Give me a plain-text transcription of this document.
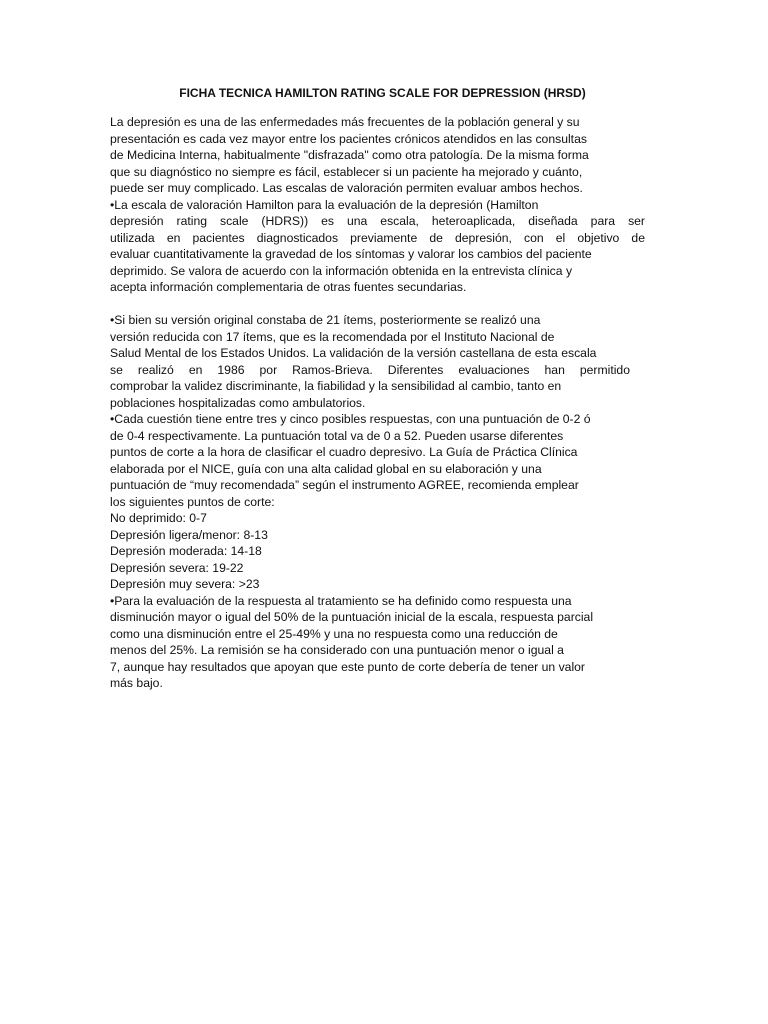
FICHA TECNICA HAMILTON RATING SCALE FOR DEPRESSION (HRSD)
La depresión es una de las enfermedades más frecuentes de la población general y su
presentación es cada vez mayor entre los pacientes crónicos atendidos en las consultas
de Medicina Interna, habitualmente "disfrazada" como otra patología. De la misma forma
que su diagnóstico no siempre es fácil, establecer si un paciente ha mejorado y cuánto,
puede ser muy complicado. Las escalas de valoración permiten evaluar ambos hechos.
•La escala de valoración Hamilton para la evaluación de la depresión (Hamilton
depresión rating scale (HDRS)) es una escala, heteroaplicada, diseñada para ser
utilizada en pacientes diagnosticados previamente de depresión, con el objetivo de
evaluar cuantitativamente la gravedad de los síntomas y valorar los cambios del paciente
deprimido. Se valora de acuerdo con la información obtenida en la entrevista clínica y
acepta información complementaria de otras fuentes secundarias.
•Si bien su versión original constaba de 21 ítems, posteriormente se realizó una
versión reducida con 17 ítems, que es la recomendada por el Instituto Nacional de
Salud Mental de los Estados Unidos. La validación de la versión castellana de esta escala
se realizó en 1986 por Ramos-Brieva. Diferentes evaluaciones han permitido
comprobar la validez discriminante, la fiabilidad y la sensibilidad al cambio, tanto en
poblaciones hospitalizadas como ambulatorios.
•Cada cuestión tiene entre tres y cinco posibles respuestas, con una puntuación de 0-2 ó
de 0-4 respectivamente. La puntuación total va de 0 a 52. Pueden usarse diferentes
puntos de corte a la hora de clasificar el cuadro depresivo. La Guía de Práctica Clínica
elaborada por el NICE, guía con una alta calidad global en su elaboración y una
puntuación de “muy recomendada” según el instrumento AGREE, recomienda emplear
los siguientes puntos de corte:
No deprimido: 0-7
Depresión ligera/menor: 8-13
Depresión moderada: 14-18
Depresión severa: 19-22
Depresión muy severa: >23
•Para la evaluación de la respuesta al tratamiento se ha definido como respuesta una
disminución mayor o igual del 50% de la puntuación inicial de la escala, respuesta parcial
como una disminución entre el 25-49% y una no respuesta como una reducción de
menos del 25%. La remisión se ha considerado con una puntuación menor o igual a
7, aunque hay resultados que apoyan que este punto de corte debería de tener un valor
más bajo.
